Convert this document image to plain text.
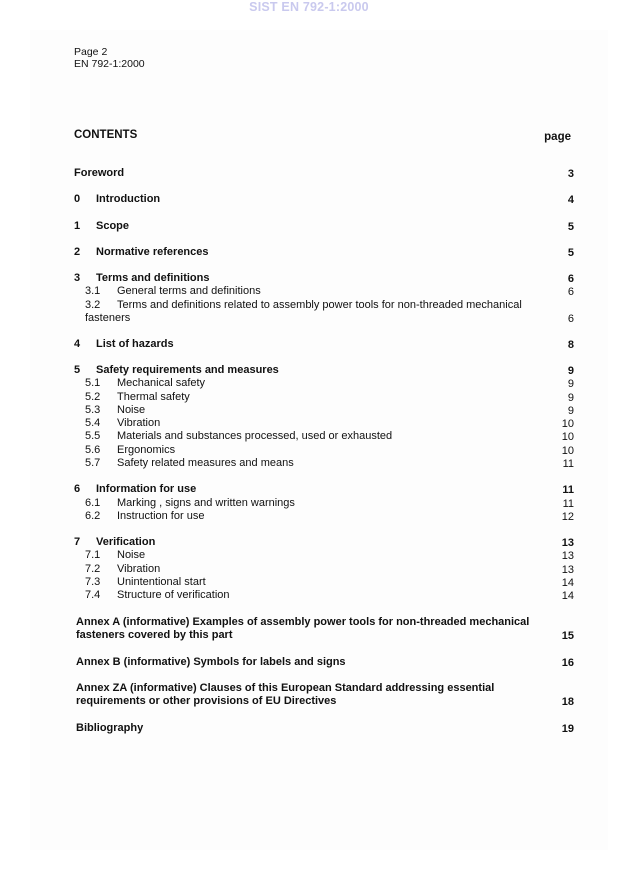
SIST EN 792-1:2000
Page 2
EN 792-1:2000
CONTENTS	page
Foreword	3
0 Introduction	4
1 Scope	5
2 Normative references	5
3 Terms and definitions	6
3.1 General terms and definitions	6
3.2 Terms and definitions related to assembly power tools for non-threaded mechanical
fasteners	6
4 List of hazards	8
5 Safety requirements and measures	9
5.1 Mechanical safety	9
5.2 Thermal safety	9
5.3 Noise	9
5.4 Vibration	10
5.5 Materials and substances processed, used or exhausted	10
5.6 Ergonomics	10
5.7 Safety related measures and means	11
6 Information for use	11
6.1 Marking , signs and written warnings	11
6.2 Instruction for use	12
7 Verification	13
7.1 Noise	13
7.2 Vibration	13
7.3 Unintentional start	14
7.4 Structure of verification	14
Annex A (informative) Examples of assembly power tools for non-threaded mechanical
fasteners covered by this part	15
Annex B (informative) Symbols for labels and signs	16
Annex ZA (informative) Clauses of this European Standard addressing essential
requirements or other provisions of EU Directives	18
Bibliography	19
